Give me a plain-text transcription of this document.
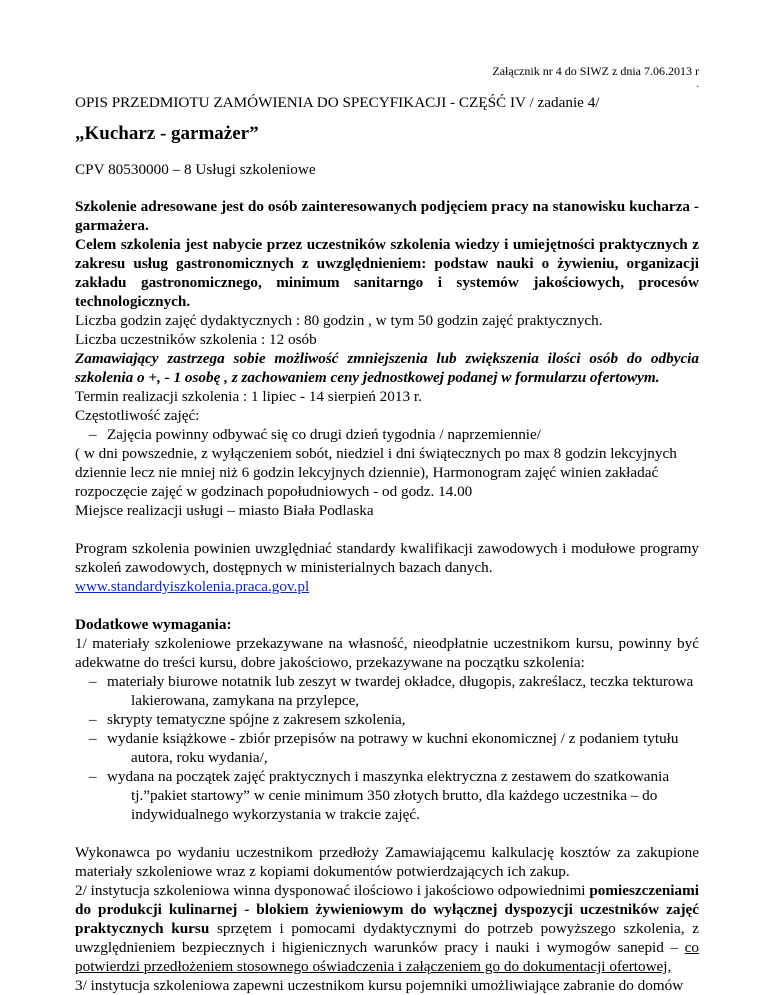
Załącznik nr 4 do SIWZ z dnia 7.06.2013 r
.
OPIS PRZEDMIOTU ZAMÓWIENIA DO SPECYFIKACJI - CZĘŚĆ IV / zadanie 4/
„Kucharz - garmażer”
CPV 80530000 – 8 Usługi szkoleniowe
Szkolenie adresowane jest do osób zainteresowanych podjęciem pracy na stanowisku kucharza - garmażera.
Celem szkolenia jest nabycie przez uczestników szkolenia wiedzy i umiejętności praktycznych z zakresu usług gastronomicznych z uwzględnieniem: podstaw nauki o żywieniu, organizacji zakładu gastronomicznego, minimum sanitarngo i systemów jakościowych, procesów technologicznych.
Liczba godzin zajęć dydaktycznych : 80 godzin , w tym 50 godzin zajęć praktycznych.
Liczba uczestników szkolenia : 12 osób
Zamawiający zastrzega sobie możliwość zmniejszenia lub zwiększenia ilości osób do odbycia szkolenia o +, - 1 osobę , z zachowaniem ceny jednostkowej podanej w formularzu ofertowym.
Termin realizacji szkolenia : 1 lipiec - 14 sierpień 2013 r.
Częstotliwość zajęć:
– Zajęcia powinny odbywać się co drugi dzień tygodnia / naprzemiennie/
( w dni powszednie, z wyłączeniem sobót, niedziel i dni świątecznych po max 8 godzin lekcyjnych dziennie lecz nie mniej niż 6 godzin lekcyjnych dziennie), Harmonogram zajęć winien zakładać rozpoczęcie zajęć w godzinach popołudniowych - od godz. 14.00
Miejsce realizacji usługi – miasto Biała Podlaska
Program szkolenia powinien uwzględniać standardy kwalifikacji zawodowych i modułowe programy szkoleń zawodowych, dostępnych w ministerialnych bazach danych.
www.standardyiszkolenia.praca.gov.pl
Dodatkowe wymagania:
1/ materiały szkoleniowe przekazywane na własność, nieodpłatnie uczestnikom kursu, powinny być adekwatne do treści kursu, dobre jakościowo, przekazywane na początku szkolenia:
– materiały biurowe notatnik lub zeszyt w twardej okładce, długopis, zakreślacz, teczka tekturowa lakierowana, zamykana na przylepce,
– skrypty tematyczne spójne z zakresem szkolenia,
– wydanie książkowe - zbiór przepisów na potrawy w kuchni ekonomicznej / z podaniem tytułu autora, roku wydania/,
– wydana na początek zajęć praktycznych i maszynka elektryczna z zestawem do szatkowania tj.”pakiet startowy” w cenie minimum 350 złotych brutto, dla każdego uczestnika – do indywidualnego wykorzystania w trakcie zajęć.
Wykonawca po wydaniu uczestnikom przedłoży Zamawiającemu kalkulację kosztów za zakupione materiały szkoleniowe wraz z kopiami dokumentów potwierdzających ich zakup.
2/ instytucja szkoleniowa winna dysponować ilościowo i jakościowo odpowiednimi pomieszczeniami do produkcji kulinarnej - blokiem żywieniowym do wyłącznej dyspozycji uczestników zajęć praktycznych kursu sprzętem i pomocami dydaktycznymi do potrzeb powyższego szkolenia, z uwzględnieniem bezpiecznych i higienicznych warunków pracy i nauki i wymogów sanepid – co potwierdzi przedłożeniem stosownego oświadczenia i załączeniem go do dokumentacji ofertowej,
3/ instytucja szkoleniowa zapewni uczestnikom kursu pojemniki umożliwiające zabranie do domów
